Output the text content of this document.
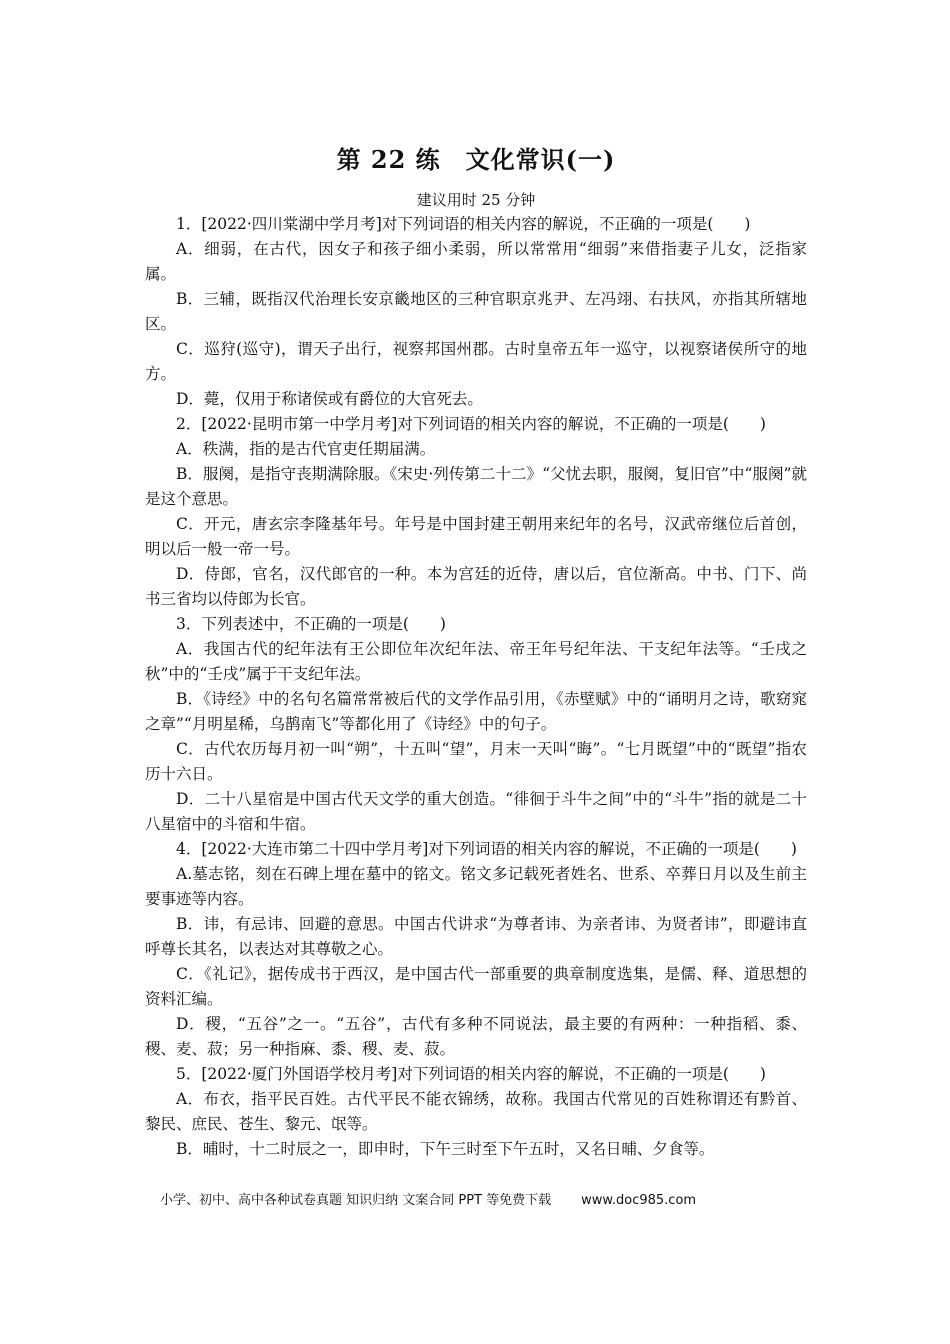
第 22 练　文化常识(一)
建议用时 25 分钟

1．[2022·四川棠湖中学月考]对下列词语的相关内容的解说，不正确的一项是(　　)

A．细弱，在古代，因女子和孩子细小柔弱，所以常常用“细弱”来借指妻子儿女，泛指家属。

B．三辅，既指汉代治理长安京畿地区的三种官职京兆尹、左冯翊、右扶风，亦指其所辖地区。

C．巡狩(巡守)，谓天子出行，视察邦国州郡。古时皇帝五年一巡守，以视察诸侯所守的地方。

D．薨，仅用于称诸侯或有爵位的大官死去。

2．[2022·昆明市第一中学月考]对下列词语的相关内容的解说，不正确的一项是(　　)

A．秩满，指的是古代官吏任期届满。

B．服阕，是指守丧期满除服。《宋史·列传第二十二》“父忧去职，服阕，复旧官”中“服阕”就是这个意思。

C．开元，唐玄宗李隆基年号。年号是中国封建王朝用来纪年的名号，汉武帝继位后首创，明以后一般一帝一号。

D．侍郎，官名，汉代郎官的一种。本为宫廷的近侍，唐以后，官位渐高。中书、门下、尚书三省均以侍郎为长官。

3．下列表述中，不正确的一项是(　　)

A．我国古代的纪年法有王公即位年次纪年法、帝王年号纪年法、干支纪年法等。“壬戌之秋”中的“壬戌”属于干支纪年法。

B．《诗经》中的名句名篇常常被后代的文学作品引用，《赤壁赋》中的“诵明月之诗，歌窈窕之章”“月明星稀，乌鹊南飞”等都化用了《诗经》中的句子。

C．古代农历每月初一叫“朔”，十五叫“望”，月末一天叫“晦”。“七月既望”中的“既望”指农历十六日。

D．二十八星宿是中国古代天文学的重大创造。“徘徊于斗牛之间”中的“斗牛”指的就是二十八星宿中的斗宿和牛宿。

4．[2022·大连市第二十四中学月考]对下列词语的相关内容的解说，不正确的一项是(　　)

A.墓志铭，刻在石碑上埋在墓中的铭文。铭文多记载死者姓名、世系、卒葬日月以及生前主要事迹等内容。

B．讳，有忌讳、回避的意思。中国古代讲求“为尊者讳、为亲者讳、为贤者讳”，即避讳直呼尊长其名，以表达对其尊敬之心。

C．《礼记》，据传成书于西汉，是中国古代一部重要的典章制度选集，是儒、释、道思想的资料汇编。

D．稷，“五谷”之一。“五谷”，古代有多种不同说法，最主要的有两种：一种指稻、黍、稷、麦、菽；另一种指麻、黍、稷、麦、菽。

5．[2022·厦门外国语学校月考]对下列词语的相关内容的解说，不正确的一项是(　　)

A．布衣，指平民百姓。古代平民不能衣锦绣，故称。我国古代常见的百姓称谓还有黔首、黎民、庶民、苍生、黎元、氓等。

B．晡时，十二时辰之一，即申时，下午三时至下午五时，又名日晡、夕食等。

小学、初中、高中各种试卷真题 知识归纳 文案合同 PPT 等免费下载 www.doc985.com
